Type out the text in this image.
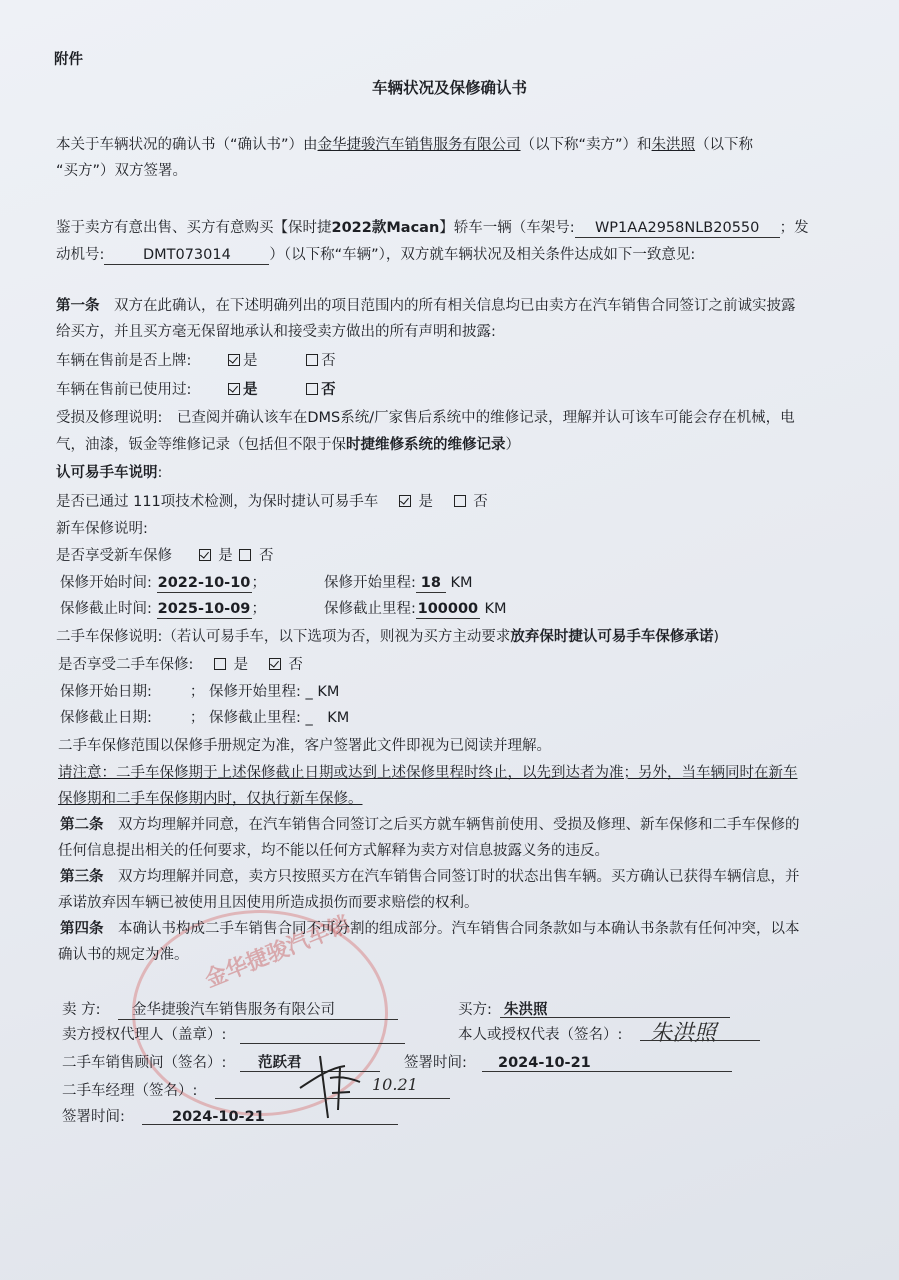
金华捷骏汽车销
附件
车辆状况及保修确认书
本关于车辆状况的确认书（“确认书”）由金华捷骏汽车销售服务有限公司（以下称“卖方”）和朱洪照（以下称
“买方”）双方签署。
鉴于卖方有意出售、买方有意购买【保时捷2022款Macan】轿车一辆（车架号: WP1AA2958NLB20550 ；发
动机号:	DMT073014	）（以下称“车辆”），双方就车辆状况及相关条件达成如下一致意见:
第一条　 双方在此确认，在下述明确列出的项目范围内的所有相关信息均已由卖方在汽车销售合同签订之前诚实披露
给买方，并且买方毫无保留地承认和接受卖方做出的所有声明和披露:
车辆在售前是否上牌:	是	否
车辆在售前已使用过:	是	否
受损及修理说明:　已查阅并确认该车在DMS系统/厂家售后系统中的维修记录，理解并认可该车可能会存在机械，电
气，油漆，钣金等维修记录（包括但不限于保时捷维修系统的维修记录）
认可易手车说明:
是否已通过 111项技术检测，为保时捷认可易手车	是	否
新车保修说明:
是否享受新车保修	是 否
保修开始时间: 2022-10-10；	保修开始里程: 18 KM
保修截止时间: 2025-10-09；	保修截止里程: 100000 KM
二手车保修说明:（若认可易手车，以下选项为否，则视为买方主动要求放弃保时捷认可易手车保修承诺)
是否享受二手车保修:	是	否
保修开始日期:	； 保修开始里程: _ KM
保修截止日期:	； 保修截止里程: _　 KM
二手车保修范围以保修手册规定为准，客户签署此文件即视为已阅读并理解。
请注意：二手车保修期于上述保修截止日期或达到上述保修里程时终止，以先到达者为准；另外，当车辆同时在新车
保修期和二手车保修期内时，仅执行新车保修。
第二条　 双方均理解并同意，在汽车销售合同签订之后买方就车辆售前使用、受损及修理、新车保修和二手车保修的
任何信息提出相关的任何要求，均不能以任何方式解释为卖方对信息披露义务的违反。
第三条　 双方均理解并同意，卖方只按照买方在汽车销售合同签订时的状态出售车辆。买方确认已获得车辆信息，并
承诺放弃因车辆已被使用且因使用所造成损伤而要求赔偿的权利。
第四条　 本确认书构成二手车销售合同不可分割的组成部分。汽车销售合同条款如与本确认书条款有任何冲突，以本
确认书的规定为准。
卖 方: 金华捷骏汽车销售服务有限公司	买方: 朱洪照
卖方授权代理人（盖章）:	本人或授权代表（签名）: 朱洪照
二手车销售顾问（签名）: 范跃君	签署时间: 2024-10-21
二手车经理（签名）:	10.21
签署时间:	2024-10-21
